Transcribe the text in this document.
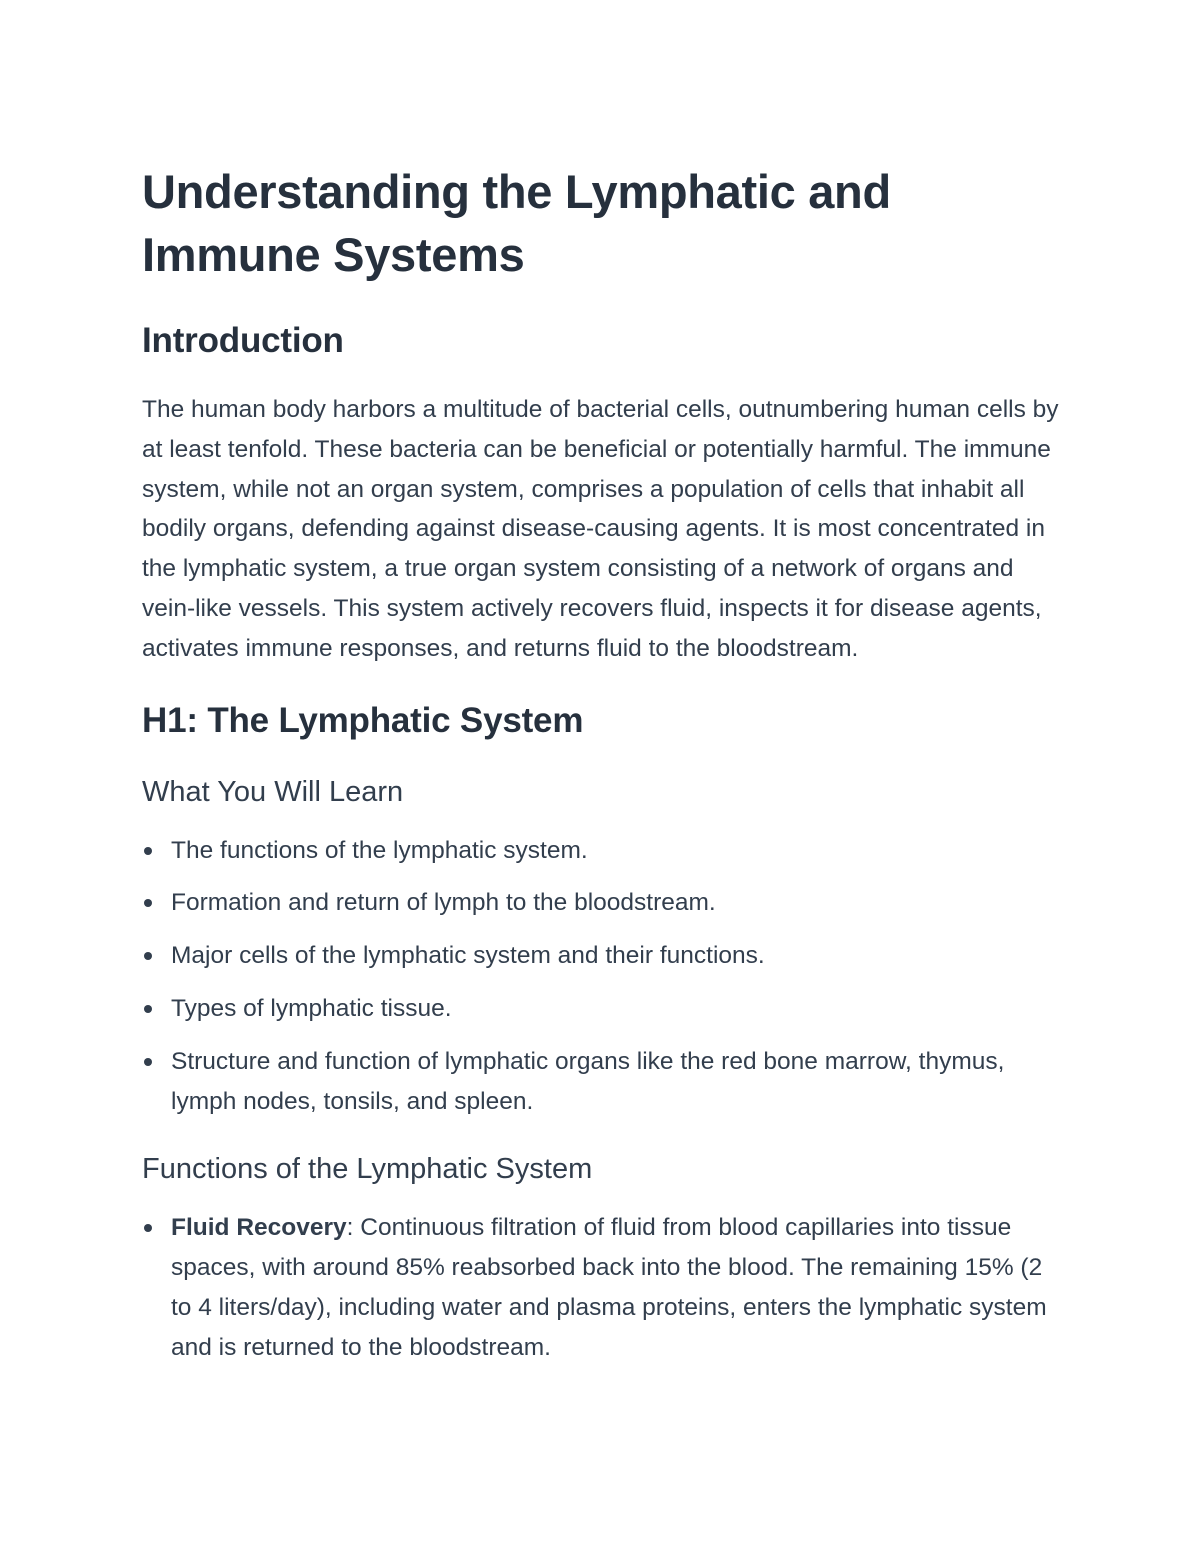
Understanding the Lymphatic and Immune Systems
Introduction

The human body harbors a multitude of bacterial cells, outnumbering human cells by at least tenfold. These bacteria can be beneficial or potentially harmful. The immune system, while not an organ system, comprises a population of cells that inhabit all bodily organs, defending against disease-causing agents. It is most concentrated in the lymphatic system, a true organ system consisting of a network of organs and vein-like vessels. This system actively recovers fluid, inspects it for disease agents, activates immune responses, and returns fluid to the bloodstream.

H1: The Lymphatic System
What You Will Learn
The functions of the lymphatic system.
Formation and return of lymph to the bloodstream.
Major cells of the lymphatic system and their functions.
Types of lymphatic tissue.
Structure and function of lymphatic organs like the red bone marrow, thymus, lymph nodes, tonsils, and spleen.
Functions of the Lymphatic System
Fluid Recovery: Continuous filtration of fluid from blood capillaries into tissue spaces, with around 85% reabsorbed back into the blood. The remaining 15% (2 to 4 liters/day), including water and plasma proteins, enters the lymphatic system and is returned to the bloodstream.
